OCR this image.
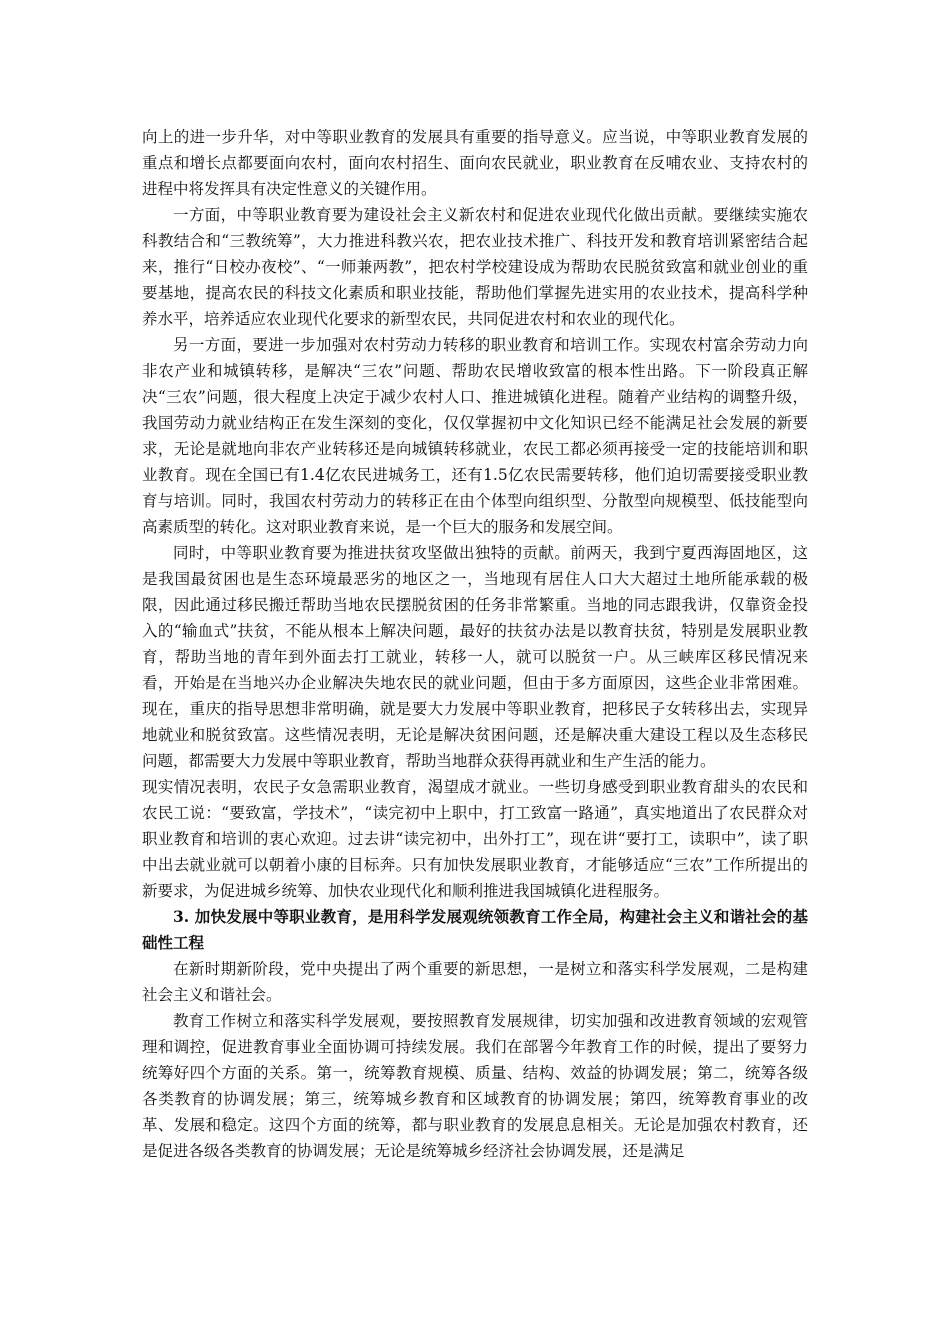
向上的进一步升华，对中等职业教育的发展具有重要的指导意义。应当说，中等职业教育发展的重点和增长点都要面向农村，面向农村招生、面向农民就业，职业教育在反哺农业、支持农村的进程中将发挥具有决定性意义的关键作用。

一方面，中等职业教育要为建设社会主义新农村和促进农业现代化做出贡献。要继续实施农科教结合和“三教统筹”，大力推进科教兴农，把农业技术推广、科技开发和教育培训紧密结合起来，推行“日校办夜校”、“一师兼两教”，把农村学校建设成为帮助农民脱贫致富和就业创业的重要基地，提高农民的科技文化素质和职业技能，帮助他们掌握先进实用的农业技术，提高科学种养水平，培养适应农业现代化要求的新型农民，共同促进农村和农业的现代化。

另一方面，要进一步加强对农村劳动力转移的职业教育和培训工作。实现农村富余劳动力向非农产业和城镇转移，是解决“三农”问题、帮助农民增收致富的根本性出路。下一阶段真正解决“三农”问题，很大程度上决定于减少农村人口、推进城镇化进程。随着产业结构的调整升级，我国劳动力就业结构正在发生深刻的变化，仅仅掌握初中文化知识已经不能满足社会发展的新要求，无论是就地向非农产业转移还是向城镇转移就业，农民工都必须再接受一定的技能培训和职业教育。现在全国已有1.4亿农民进城务工，还有1.5亿农民需要转移，他们迫切需要接受职业教育与培训。同时，我国农村劳动力的转移正在由个体型向组织型、分散型向规模型、低技能型向高素质型的转化。这对职业教育来说，是一个巨大的服务和发展空间。

同时，中等职业教育要为推进扶贫攻坚做出独特的贡献。前两天，我到宁夏西海固地区，这是我国最贫困也是生态环境最恶劣的地区之一，当地现有居住人口大大超过土地所能承载的极限，因此通过移民搬迁帮助当地农民摆脱贫困的任务非常繁重。当地的同志跟我讲，仅靠资金投入的“输血式”扶贫，不能从根本上解决问题，最好的扶贫办法是以教育扶贫，特别是发展职业教育，帮助当地的青年到外面去打工就业，转移一人，就可以脱贫一户。从三峡库区移民情况来看，开始是在当地兴办企业解决失地农民的就业问题，但由于多方面原因，这些企业非常困难。现在，重庆的指导思想非常明确，就是要大力发展中等职业教育，把移民子女转移出去，实现异地就业和脱贫致富。这些情况表明，无论是解决贫困问题，还是解决重大建设工程以及生态移民问题，都需要大力发展中等职业教育，帮助当地群众获得再就业和生产生活的能力。

现实情况表明，农民子女急需职业教育，渴望成才就业。一些切身感受到职业教育甜头的农民和农民工说：“要致富，学技术”，“读完初中上职中，打工致富一路通”，真实地道出了农民群众对职业教育和培训的衷心欢迎。过去讲“读完初中，出外打工”，现在讲“要打工，读职中”，读了职中出去就业就可以朝着小康的目标奔。只有加快发展职业教育，才能够适应“三农”工作所提出的新要求，为促进城乡统筹、加快农业现代化和顺利推进我国城镇化进程服务。

3. 加快发展中等职业教育，是用科学发展观统领教育工作全局，构建社会主义和谐社会的基础性工程

在新时期新阶段，党中央提出了两个重要的新思想，一是树立和落实科学发展观，二是构建社会主义和谐社会。

教育工作树立和落实科学发展观，要按照教育发展规律，切实加强和改进教育领域的宏观管理和调控，促进教育事业全面协调可持续发展。我们在部署今年教育工作的时候，提出了要努力统筹好四个方面的关系。第一，统筹教育规模、质量、结构、效益的协调发展；第二，统筹各级各类教育的协调发展；第三，统筹城乡教育和区域教育的协调发展；第四，统筹教育事业的改革、发展和稳定。这四个方面的统筹，都与职业教育的发展息息相关。无论是加强农村教育，还是促进各级各类教育的协调发展；无论是统筹城乡经济社会协调发展，还是满足
